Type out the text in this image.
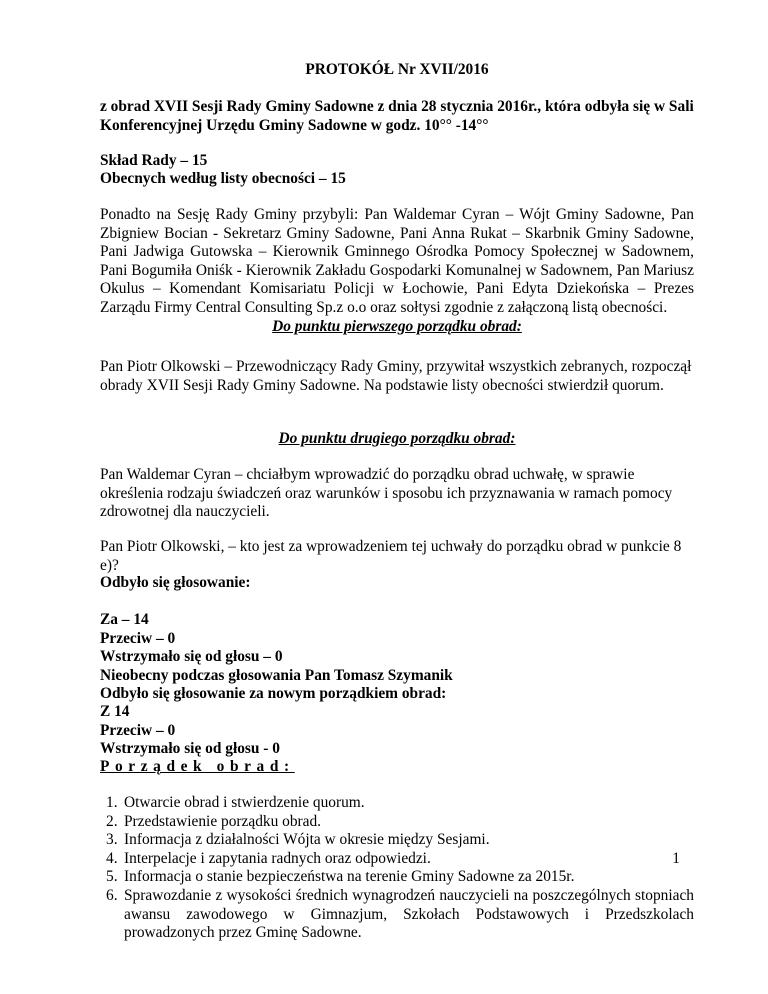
PROTOKÓŁ Nr XVII/2016
z obrad XVII Sesji Rady Gminy Sadowne z dnia 28 stycznia 2016r., która odbyła się w Sali Konferencyjnej Urzędu Gminy Sadowne w godz. 10°° -14°°
Skład Rady – 15
Obecnych według listy obecności – 15
Ponadto na Sesję Rady Gminy przybyli: Pan Waldemar Cyran – Wójt Gminy Sadowne, Pan Zbigniew Bocian - Sekretarz Gminy Sadowne, Pani Anna Rukat – Skarbnik Gminy Sadowne, Pani Jadwiga Gutowska – Kierownik Gminnego Ośrodka Pomocy Społecznej w Sadownem, Pani Bogumiła Oniśk - Kierownik Zakładu Gospodarki Komunalnej w Sadownem, Pan Mariusz Okulus – Komendant Komisariatu Policji w Łochowie, Pani Edyta Dziekońska – Prezes Zarządu Firmy Central Consulting Sp.z o.o oraz sołtysi zgodnie z załączoną listą obecności.
Do punktu pierwszego porządku obrad:
Pan Piotr Olkowski – Przewodniczący Rady Gminy, przywitał wszystkich zebranych, rozpoczął obrady XVII Sesji Rady Gminy Sadowne. Na podstawie listy obecności stwierdził quorum.
Do punktu drugiego porządku obrad:
Pan Waldemar Cyran – chciałbym wprowadzić do porządku obrad uchwałę, w sprawie określenia rodzaju świadczeń oraz warunków i sposobu ich przyznawania w ramach pomocy zdrowotnej dla nauczycieli.
Pan Piotr Olkowski, – kto jest za wprowadzeniem tej uchwały do porządku obrad w punkcie 8 e)?
Odbyło się głosowanie:
Za – 14
Przeciw – 0
Wstrzymało się od głosu – 0
Nieobecny podczas głosowania Pan Tomasz Szymanik
Odbyło się głosowanie za nowym porządkiem obrad:
Z 14
Przeciw – 0
Wstrzymało się od głosu - 0
Porządek obrad:
1. Otwarcie obrad i stwierdzenie quorum.
2. Przedstawienie porządku obrad.
3. Informacja z działalności Wójta w okresie między Sesjami.
4. Interpelacje i zapytania radnych oraz odpowiedzi.
5. Informacja o stanie bezpieczeństwa na terenie Gminy Sadowne za 2015r.
6. Sprawozdanie z wysokości średnich wynagrodzeń nauczycieli na poszczególnych stopniach awansu zawodowego w Gimnazjum, Szkołach Podstawowych i Przedszkolach prowadzonych przez Gminę Sadowne.
1
